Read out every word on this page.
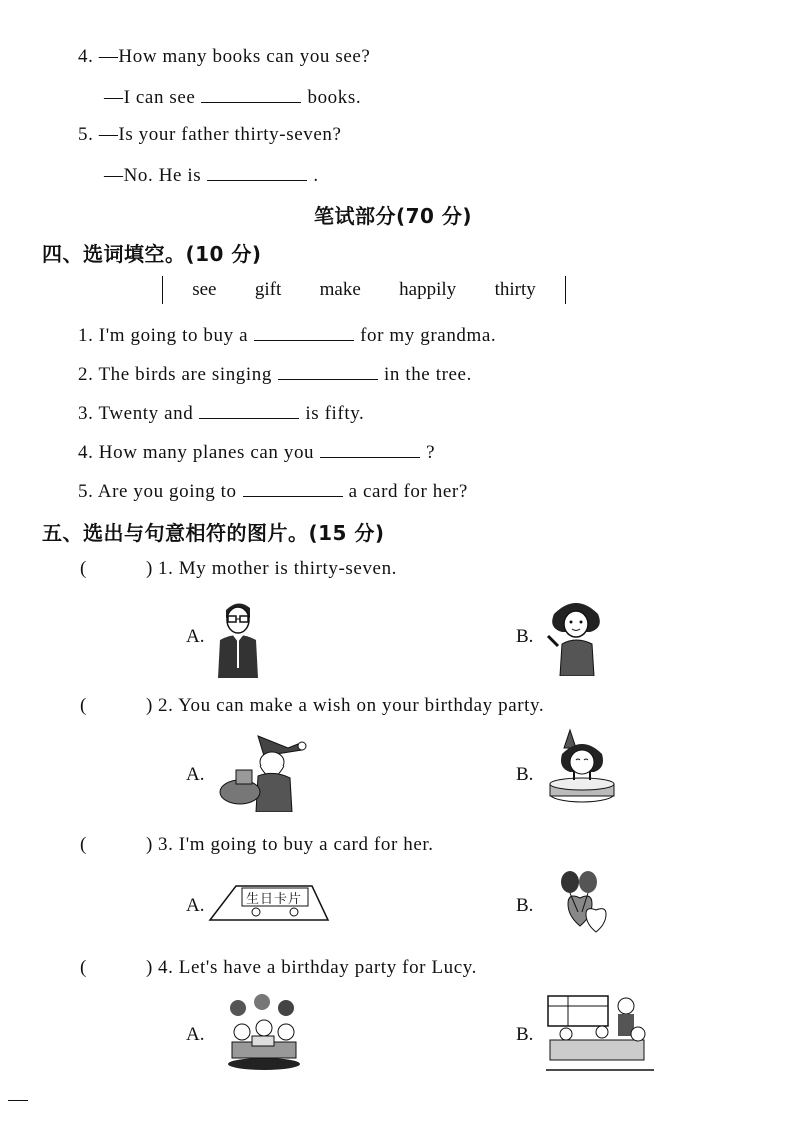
4. —How many books can you see?
—I can see	books.
5. —Is your father thirty-seven?
—No. He is	.
笔试部分(70 分)
四、选词填空。(10 分)
see gift make happily thirty
1. I'm going to buy a	for my grandma.
2. The birds are singing	in the tree.
3. Twenty and	is fifty.
4. How many planes can you	?
5. Are you going to	a card for her?
五、选出与句意相符的图片。(15 分)
(	) 1. My mother is thirty-seven.
A.	B.
(	) 2. You can make a wish on your birthday party.
A.	B.
(	) 3. I'm going to buy a card for her.
A.	生日卡片	B.
(	) 4. Let's have a birthday party for Lucy.
A.	B.
